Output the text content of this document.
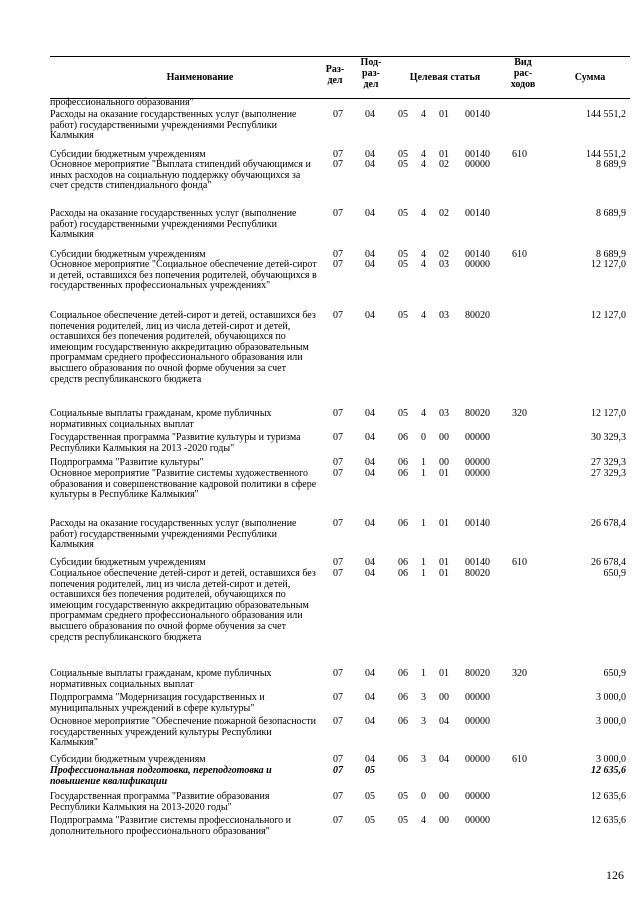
Наименование
Раз- дел
Под- раз- дел
Целевая статья
Вид рас- ходов
Сумма
профессионального образования"
Расходы на оказание государственных услуг (выполнение работ) государственными учреждениями Республики Калмыкия
07 04 05 4 01 00140	144 551,2
Субсидии бюджетным учреждениям	07 04 05 4 01 00140 610	144 551,2
Основное мероприятие "Выплата стипендий обучающимся и иных расходов на социальную поддержку обучающихся за счет средств стипендиального фонда"
07 04 05 4 02 00000	8 689,9
Расходы на оказание государственных услуг (выполнение работ) государственными учреждениями Республики Калмыкия
07 04 05 4 02 00140	8 689,9
Субсидии бюджетным учреждениям	07 04 05 4 02 00140 610	8 689,9
Основное мероприятие "Социальное обеспечение детей-сирот и детей, оставшихся без попечения родителей, обучающихся в государственных профессиональных учреждениях"
07 04 05 4 03 00000	12 127,0
Социальное обеспечение детей-сирот и детей, оставшихся без попечения родителей, лиц из числа детей-сирот и детей, оставшихся без попечения родителей, обучающихся по имеющим государственную аккредитацию образовательным программам среднего профессионального образования или высшего образования по очной форме обучения за счет средств республиканского бюджета
07 04 05 4 03 80020	12 127,0
Социальные выплаты гражданам, кроме публичных нормативных социальных выплат
07 04 05 4 03 80020 320	12 127,0
Государственная программа "Развитие культуры и туризма Республики Калмыкия на 2013 -2020 годы"
07 04 06 0 00 00000	30 329,3
Подпрограмма "Развитие культуры"	07 04 06 1 00 00000	27 329,3
Основное мероприятие "Развитие системы художественного образования и совершенствование кадровой политики в сфере культуры в Республике Калмыкия"
07 04 06 1 01 00000	27 329,3
Расходы на оказание государственных услуг (выполнение работ) государственными учреждениями Республики Калмыкия
07 04 06 1 01 00140	26 678,4
Субсидии бюджетным учреждениям	07 04 06 1 01 00140 610	26 678,4
Социальное обеспечение детей-сирот и детей, оставшихся без попечения родителей, лиц из числа детей-сирот и детей, оставшихся без попечения родителей, обучающихся по имеющим государственную аккредитацию образовательным программам среднего профессионального образования или высшего образования по очной форме обучения за счет средств республиканского бюджета
07 04 06 1 01 80020	650,9
Социальные выплаты гражданам, кроме публичных нормативных социальных выплат
07 04 06 1 01 80020 320	650,9
Подпрограмма "Модернизация государственных и муниципальных учреждений в сфере культуры"
07 04 06 3 00 00000	3 000,0
Основное мероприятие "Обеспечение пожарной безопасности государственных учреждений культуры Республики Калмыкия"
07 04 06 3 04 00000	3 000,0
Субсидии бюджетным учреждениям	07 04 06 3 04 00000 610	3 000,0
Профессиональная подготовка, переподготовка и повышение квалификации
07 05	12 635,6
Государственная программа "Развитие образования Республики Калмыкия на 2013-2020 годы"
07 05 05 0 00 00000	12 635,6
Подпрограмма "Развитие системы профессионального и дополнительного профессионального образования"
07 05 05 4 00 00000	12 635,6
126
